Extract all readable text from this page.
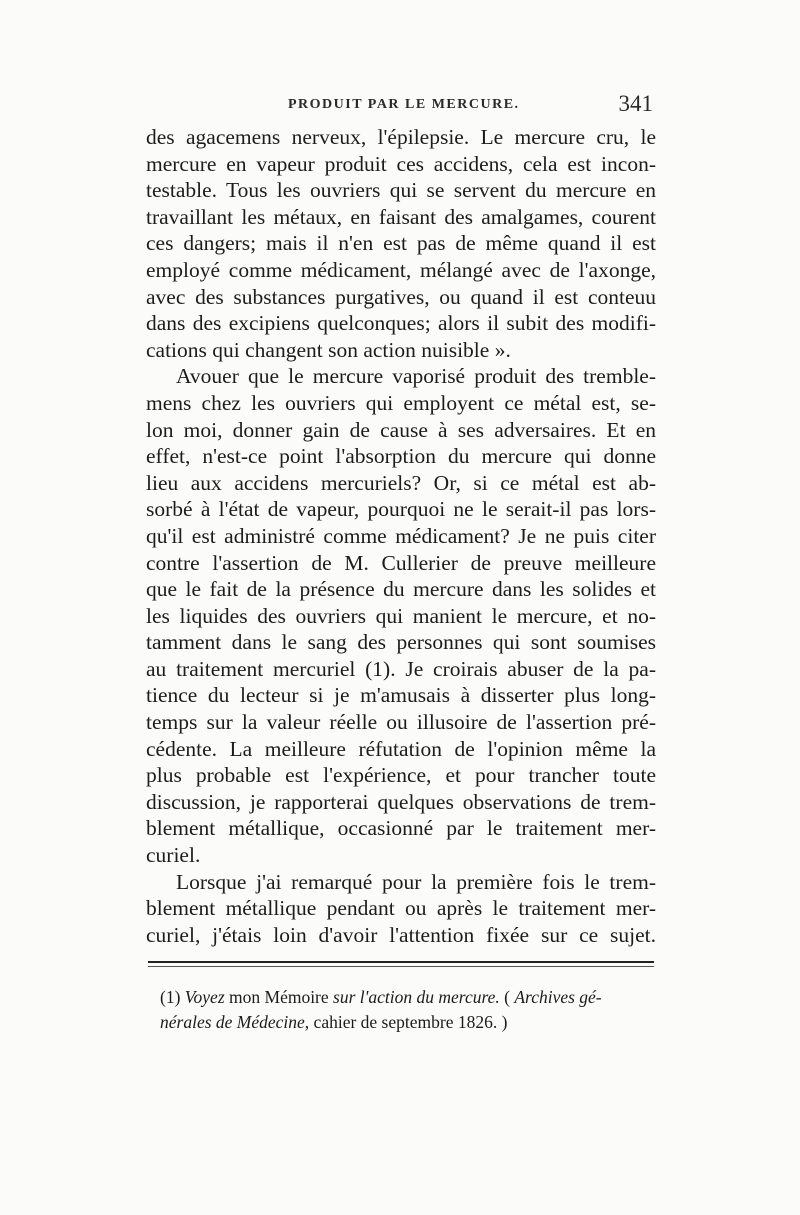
PRODUIT PAR LE MERCURE.	341
des agacemens nerveux, l'épilepsie. Le mercure cru, le
mercure en vapeur produit ces accidens, cela est incon-
testable. Tous les ouvriers qui se servent du mercure en
travaillant les métaux, en faisant des amalgames, courent
ces dangers; mais il n'en est pas de même quand il est
employé comme médicament, mélangé avec de l'axonge,
avec des substances purgatives, ou quand il est conteuu
dans des excipiens quelconques; alors il subit des modifi-
cations qui changent son action nuisible ».
Avouer que le mercure vaporisé produit des tremble-
mens chez les ouvriers qui employent ce métal est, se-
lon moi, donner gain de cause à ses adversaires. Et en
effet, n'est-ce point l'absorption du mercure qui donne
lieu aux accidens mercuriels? Or, si ce métal est ab-
sorbé à l'état de vapeur, pourquoi ne le serait-il pas lors-
qu'il est administré comme médicament? Je ne puis citer
contre l'assertion de M. Cullerier de preuve meilleure
que le fait de la présence du mercure dans les solides et
les liquides des ouvriers qui manient le mercure, et no-
tamment dans le sang des personnes qui sont soumises
au traitement mercuriel (1). Je croirais abuser de la pa-
tience du lecteur si je m'amusais à disserter plus long-
temps sur la valeur réelle ou illusoire de l'assertion pré-
cédente. La meilleure réfutation de l'opinion même la
plus probable est l'expérience, et pour trancher toute
discussion, je rapporterai quelques observations de trem-
blement métallique, occasionné par le traitement mer-
curiel.
Lorsque j'ai remarqué pour la première fois le trem-
blement métallique pendant ou après le traitement mer-
curiel, j'étais loin d'avoir l'attention fixée sur ce sujet.
(1) Voyez mon Mémoire sur l'action du mercure. ( Archives gé-
nérales de Médecine, cahier de septembre 1826. )
